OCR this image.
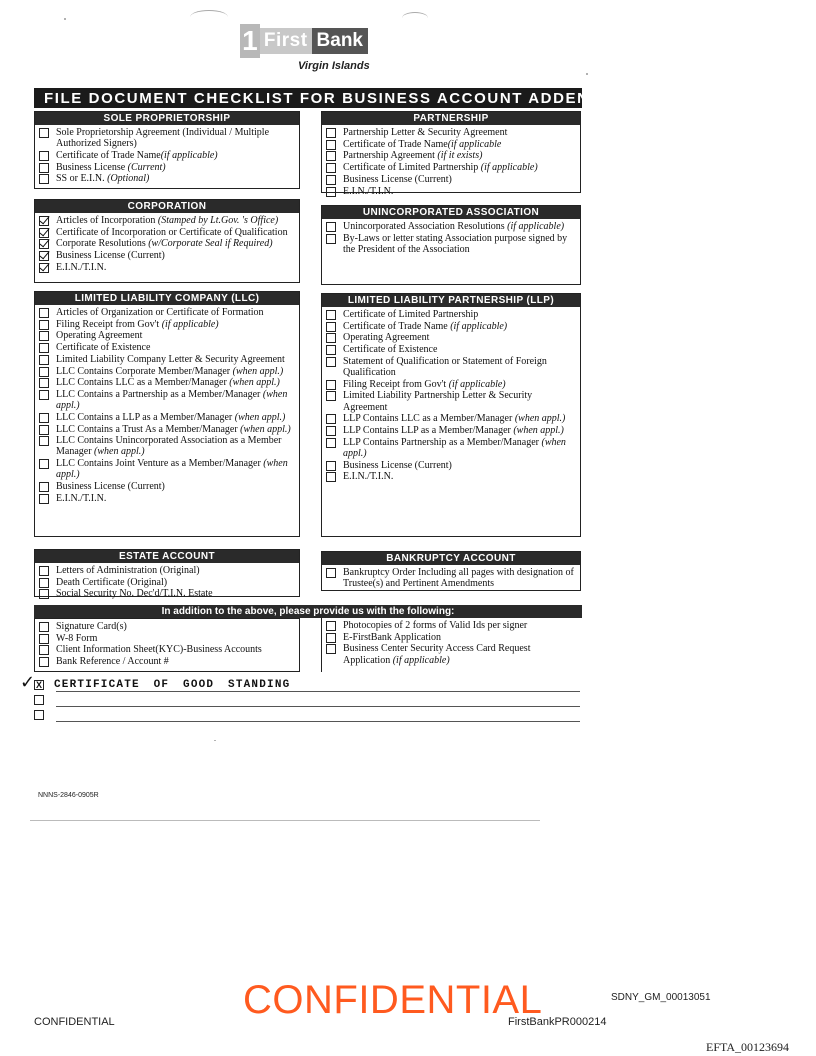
1 First Bank
Virgin Islands
FILE DOCUMENT CHECKLIST FOR BUSINESS ACCOUNT ADDENDUM
SOLE PROPRIETORSHIP
Sole Proprietorship Agreement (Individual / Multiple Authorized Signers)
Certificate of Trade Name(if applicable)
Business License (Current)
SS or E.I.N. (Optional)
PARTNERSHIP
Partnership Letter & Security Agreement
Certificate of Trade Name(if applicable
Partnership Agreement (if it exists)
Certificate of Limited Partnership (if applicable)
Business License (Current)
E.I.N./T.I.N.
CORPORATION
Articles of Incorporation (Stamped by Lt.Gov. 's Office)
Certificate of Incorporation or Certificate of Qualification
Corporate Resolutions (w/Corporate Seal if Required)
Business License (Current)
E.I.N./T.I.N.
UNINCORPORATED ASSOCIATION
Unincorporated Association Resolutions (if applicable)
By-Laws or letter stating Association purpose signed by the President of the Association
LIMITED LIABILITY COMPANY (LLC)
Articles of Organization or Certificate of Formation
Filing Receipt from Gov't (if applicable)
Operating Agreement
Certificate of Existence
Limited Liability Company Letter & Security Agreement
LLC Contains Corporate Member/Manager (when appl.)
LLC Contains LLC as a Member/Manager (when appl.)
LLC Contains a Partnership as a Member/Manager (when appl.)
LLC Contains a LLP as a Member/Manager (when appl.)
LLC Contains a Trust As a Member/Manager (when appl.)
LLC Contains Unincorporated Association as a Member Manager (when appl.)
LLC Contains Joint Venture as a Member/Manager (when appl.)
Business License (Current)
E.I.N./T.I.N.
LIMITED LIABILITY PARTNERSHIP (LLP)
Certificate of Limited Partnership
Certificate of Trade Name (if applicable)
Operating Agreement
Certificate of Existence
Statement of Qualification or Statement of Foreign Qualification
Filing Receipt from Gov't (if applicable)
Limited Liability Partnership Letter & Security Agreement
LLP Contains LLC as a Member/Manager (when appl.)
LLP Contains LLP as a Member/Manager (when appl.)
LLP Contains Partnership as a Member/Manager (when appl.)
Business License (Current)
E.I.N./T.I.N.
ESTATE ACCOUNT
Letters of Administration (Original)
Death Certificate (Original)
Social Security No. Dec'd/T.I.N. Estate
BANKRUPTCY ACCOUNT
Bankruptcy Order Including all pages with designation of Trustee(s) and Pertinent Amendments
In addition to the above, please provide us with the following:
Signature Card(s)
W-8 Form
Client Information Sheet(KYC)-Business Accounts
Bank Reference / Account #
Photocopies of 2 forms of Valid Ids per signer
E-FirstBank Application
Business Center Security Access Card Request Application (if applicable)
✓ X CERTIFICATE OF GOOD STANDING
NNNS-2846-0905R
SDNY_GM_00013051
CONFIDENTIAL
CONFIDENTIAL	FirstBankPR000214
EFTA_00123694
